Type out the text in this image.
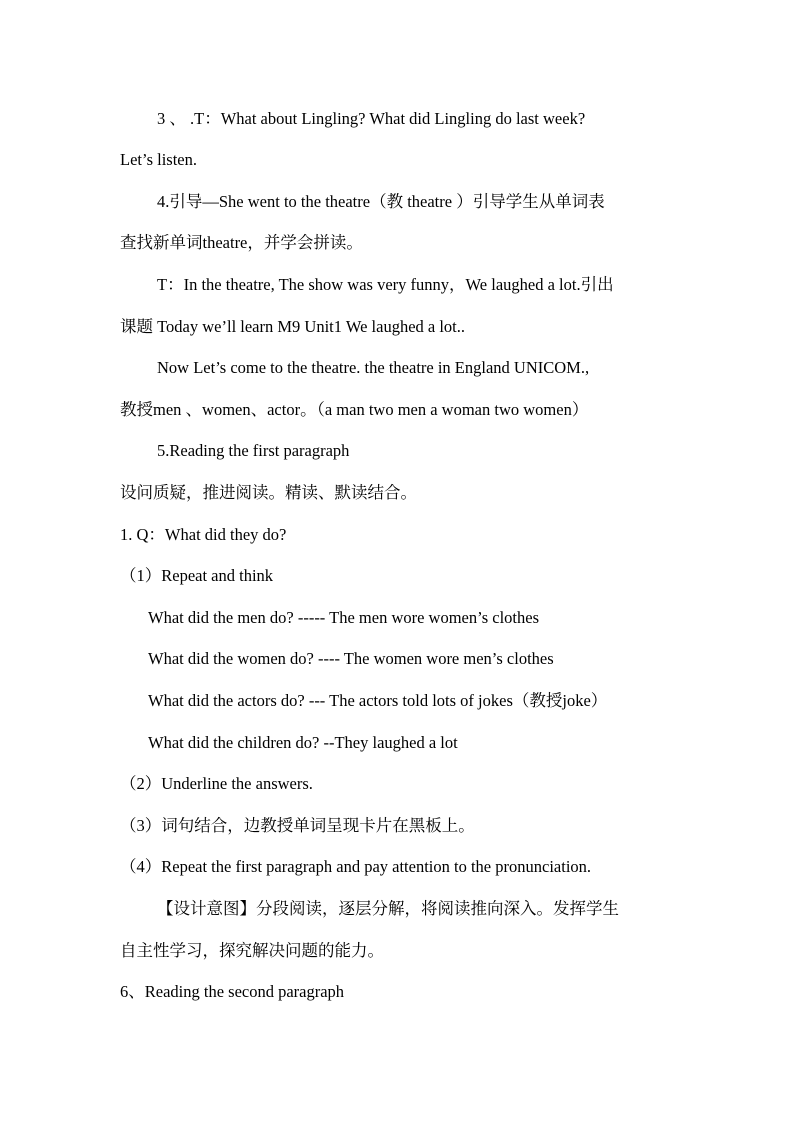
3 、 .T：What about Lingling? What did Lingling do last week?
Let’s listen.
4.引导—She went to the theatre（教 theatre ）引导学生从单词表
查找新单词theatre，并学会拼读。
T：In the theatre, The show was very funny，We laughed a lot.引出
课题 Today we’ll learn M9 Unit1 We laughed a lot..
Now Let’s come to the theatre. the theatre in England UNICOM.,
教授men 、women、actor。（a man two men a woman two women）
5.Reading the first paragraph
设问质疑，推进阅读。精读、默读结合。
1. Q：What did they do?
（1）Repeat and think
What did the men do? ----- The men wore women’s clothes
What did the women do? ---- The women wore men’s clothes
What did the actors do? --- The actors told lots of jokes（教授joke）
What did the children do? --They laughed a lot
（2）Underline the answers.
（3）词句结合，边教授单词呈现卡片在黑板上。
（4）Repeat the first paragraph and pay attention to the pronunciation.
【设计意图】分段阅读，逐层分解，将阅读推向深入。发挥学生
自主性学习，探究解决问题的能力。
6、Reading the second paragraph
